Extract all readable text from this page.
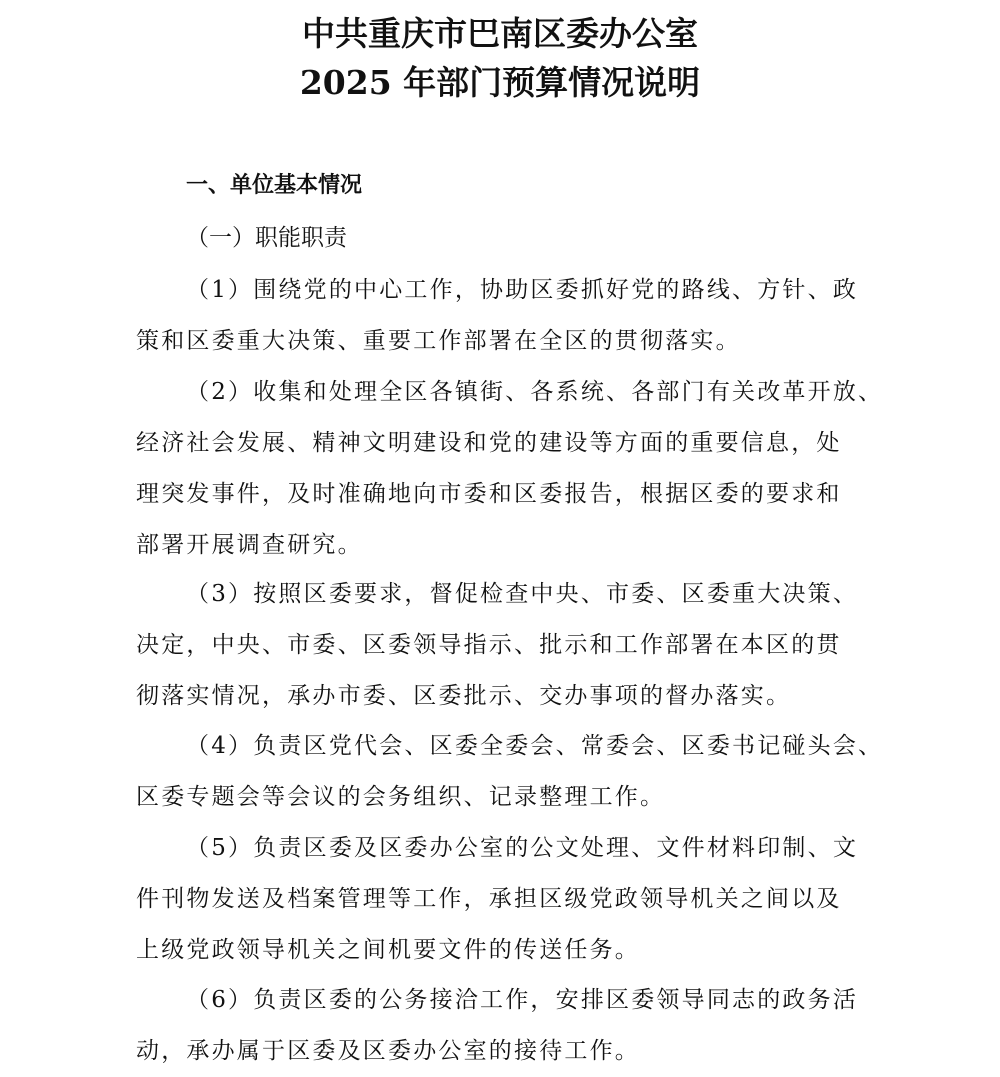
中共重庆市巴南区委办公室
2025 年部门预算情况说明
一、单位基本情况
（一）职能职责
（1）围绕党的中心工作，协助区委抓好党的路线、方针、政
策和区委重大决策、重要工作部署在全区的贯彻落实。
（2）收集和处理全区各镇街、各系统、各部门有关改革开放、
经济社会发展、精神文明建设和党的建设等方面的重要信息，处
理突发事件，及时准确地向市委和区委报告，根据区委的要求和
部署开展调查研究。
（3）按照区委要求，督促检查中央、市委、区委重大决策、
决定，中央、市委、区委领导指示、批示和工作部署在本区的贯
彻落实情况，承办市委、区委批示、交办事项的督办落实。
（4）负责区党代会、区委全委会、常委会、区委书记碰头会、
区委专题会等会议的会务组织、记录整理工作。
（5）负责区委及区委办公室的公文处理、文件材料印制、文
件刊物发送及档案管理等工作，承担区级党政领导机关之间以及
上级党政领导机关之间机要文件的传送任务。
（6）负责区委的公务接洽工作，安排区委领导同志的政务活
动，承办属于区委及区委办公室的接待工作。
